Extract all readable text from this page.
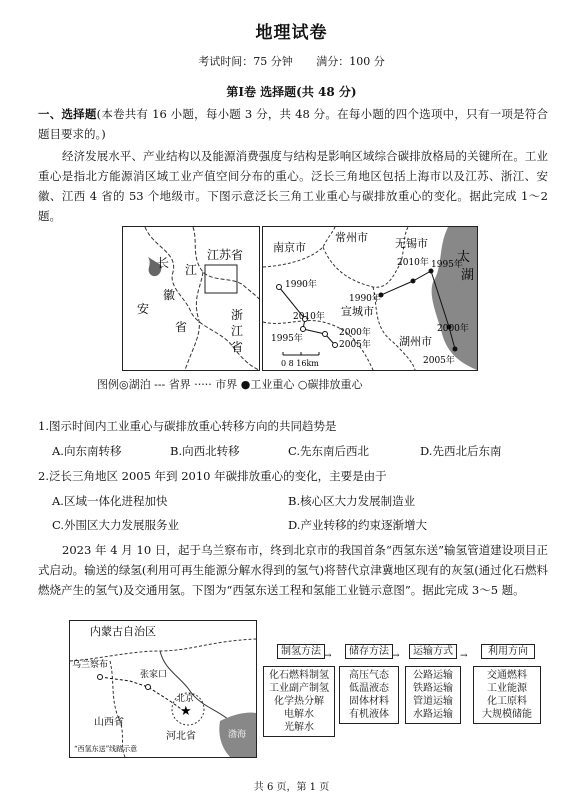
地理试卷
考试时间：75 分钟 满分：100 分
第Ⅰ卷 选择题(共 48 分)
一、选择题(本卷共有 16 小题，每小题 3 分，共 48 分。在每小题的四个选项中，只有一项是符合题目要求的。)
经济发展水平、产业结构以及能源消费强度与结构是影响区域综合碳排放格局的关键所在。工业重心是指北方能源消区域工业产值空间分布的重心。泛长三角地区包括上海市以及江苏、浙江、安徽、江西 4 省的 53 个地级市。下图示意泛长三角工业重心与碳排放重心的变化。据此完成 1～2 题。
长 江
徽
省
安
江苏省
浙
江
省
南京市
常州市 无锡市
宣城市
湖州市
太
湖
1990年
2010年
1995年
2000年
2005年
2010年 1995年
1990年
2000年
2005年
0 8 16km
图例◎湖泊 --- 省界 ····· 市界 ●工业重心 ○碳排放重心
1.图示时间内工业重心与碳排放重心转移方向的共同趋势是
A.向东南转移	B.向西北转移	C.先东南后西北	D.先西北后东南
2.泛长三角地区 2005 年到 2010 年碳排放重心的变化，主要是由于
A.区域一体化进程加快	B.核心区大力发展制造业
C.外围区大力发展服务业	D.产业转移的约束逐渐增大
2023 年 4 月 10 日，起于乌兰察布市，终到北京市的我国首条“西氢东送”输氢管道建设项目正式启动。输送的绿氢(利用可再生能源分解水得到的氢气)将替代京津冀地区现有的灰氢(通过化石燃料燃烧产生的氢气)及交通用氢。下图为“西氢东送工程和氢能工业链示意图”。据此完成 3～5 题。
★
内蒙古自治区
乌兰察布
张家口
北京
山西省
河北省	渤海
“西氢东送”线路示意
制氢方法	储存方法	运输方式	利用方向
→	→	→
化石燃料制氢
工业副产制氢
化学热分解
电解水
光解水
高压气态
低温液态
固体材料
有机液体
公路运输
铁路运输
管道运输
水路运输
交通燃料
工业能源
化工原料
大规模储能
共 6 页，第 1 页
